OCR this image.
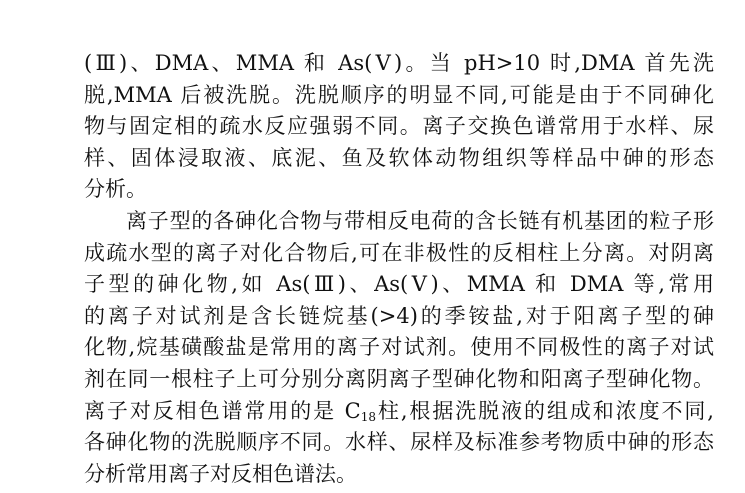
(Ⅲ)、DMA、MMA 和 As(Ⅴ)。当 pH>10 时,DMA 首先洗
脱,MMA 后被洗脱。洗脱顺序的明显不同,可能是由于不同砷化
物与固定相的疏水反应强弱不同。离子交换色谱常用于水样、尿
样、固体浸取液、底泥、鱼及软体动物组织等样品中砷的形态
分析。
离子型的各砷化合物与带相反电荷的含长链有机基团的粒子形
成疏水型的离子对化合物后,可在非极性的反相柱上分离。对阴离
子型的砷化物,如 As(Ⅲ)、As(Ⅴ)、MMA 和 DMA 等,常用
的离子对试剂是含长链烷基(>4)的季铵盐,对于阳离子型的砷
化物,烷基磺酸盐是常用的离子对试剂。使用不同极性的离子对试
剂在同一根柱子上可分别分离阴离子型砷化物和阳离子型砷化物。
离子对反相色谱常用的是 $C_{18}$柱,根据洗脱液的组成和浓度不同,
各砷化物的洗脱顺序不同。水样、尿样及标准参考物质中砷的形态
分析常用离子对反相色谱法。
